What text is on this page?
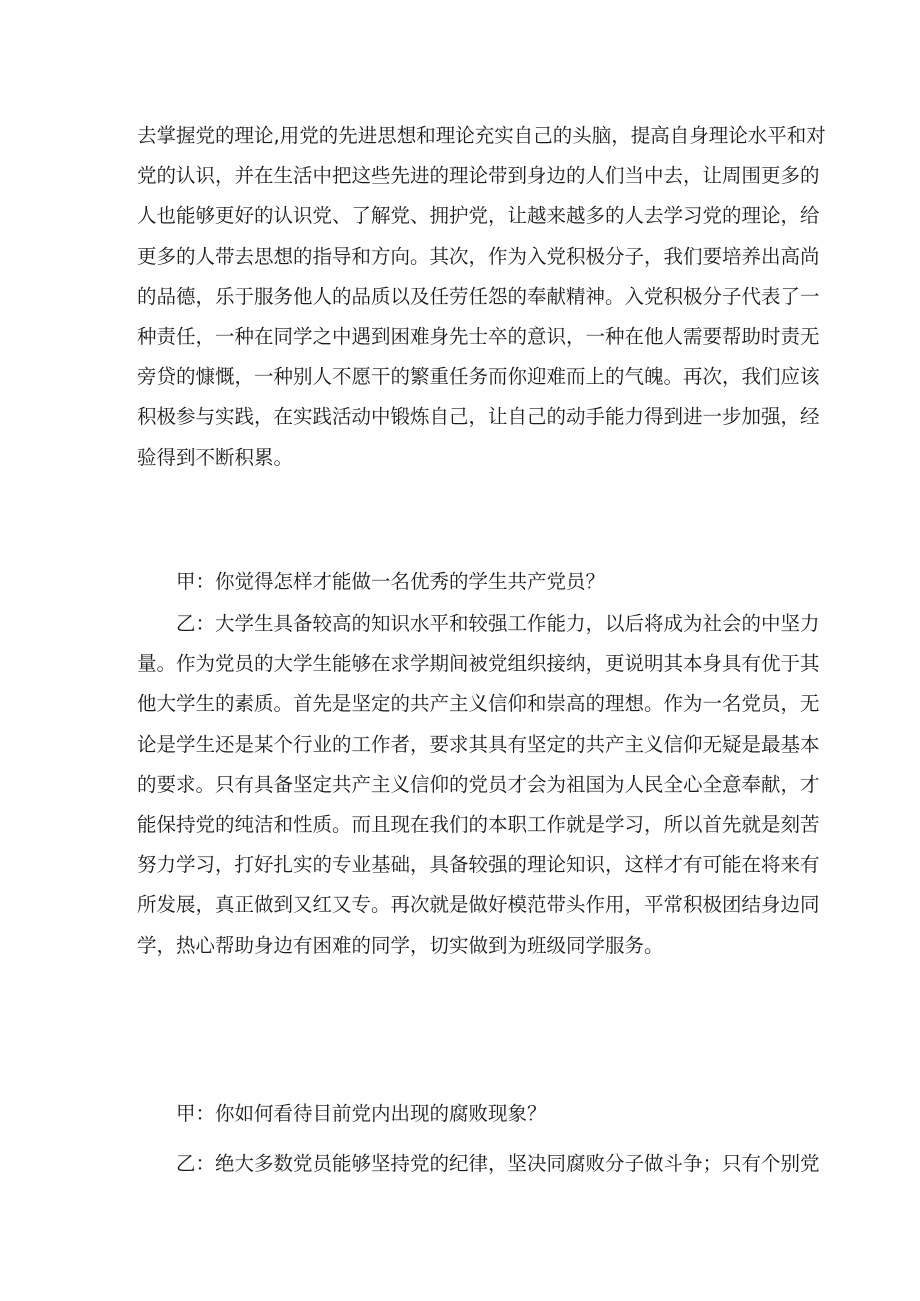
去掌握党的理论,用党的先进思想和理论充实自己的头脑，提高自身理论水平和对
党的认识，并在生活中把这些先进的理论带到身边的人们当中去，让周围更多的
人也能够更好的认识党、了解党、拥护党，让越来越多的人去学习党的理论，给
更多的人带去思想的指导和方向。其次，作为入党积极分子，我们要培养出高尚
的品德，乐于服务他人的品质以及任劳任怨的奉献精神。入党积极分子代表了一
种责任，一种在同学之中遇到困难身先士卒的意识，一种在他人需要帮助时责无
旁贷的慷慨，一种别人不愿干的繁重任务而你迎难而上的气魄。再次，我们应该
积极参与实践，在实践活动中锻炼自己，让自己的动手能力得到进一步加强，经
验得到不断积累。
甲：你觉得怎样才能做一名优秀的学生共产党员？
乙：大学生具备较高的知识水平和较强工作能力，以后将成为社会的中坚力
量。作为党员的大学生能够在求学期间被党组织接纳，更说明其本身具有优于其
他大学生的素质。首先是坚定的共产主义信仰和崇高的理想。作为一名党员，无
论是学生还是某个行业的工作者，要求其具有坚定的共产主义信仰无疑是最基本
的要求。只有具备坚定共产主义信仰的党员才会为祖国为人民全心全意奉献，才
能保持党的纯洁和性质。而且现在我们的本职工作就是学习，所以首先就是刻苦
努力学习，打好扎实的专业基础，具备较强的理论知识，这样才有可能在将来有
所发展，真正做到又红又专。再次就是做好模范带头作用，平常积极团结身边同
学，热心帮助身边有困难的同学，切实做到为班级同学服务。
甲：你如何看待目前党内出现的腐败现象？
乙：绝大多数党员能够坚持党的纪律，坚决同腐败分子做斗争；只有个别党
